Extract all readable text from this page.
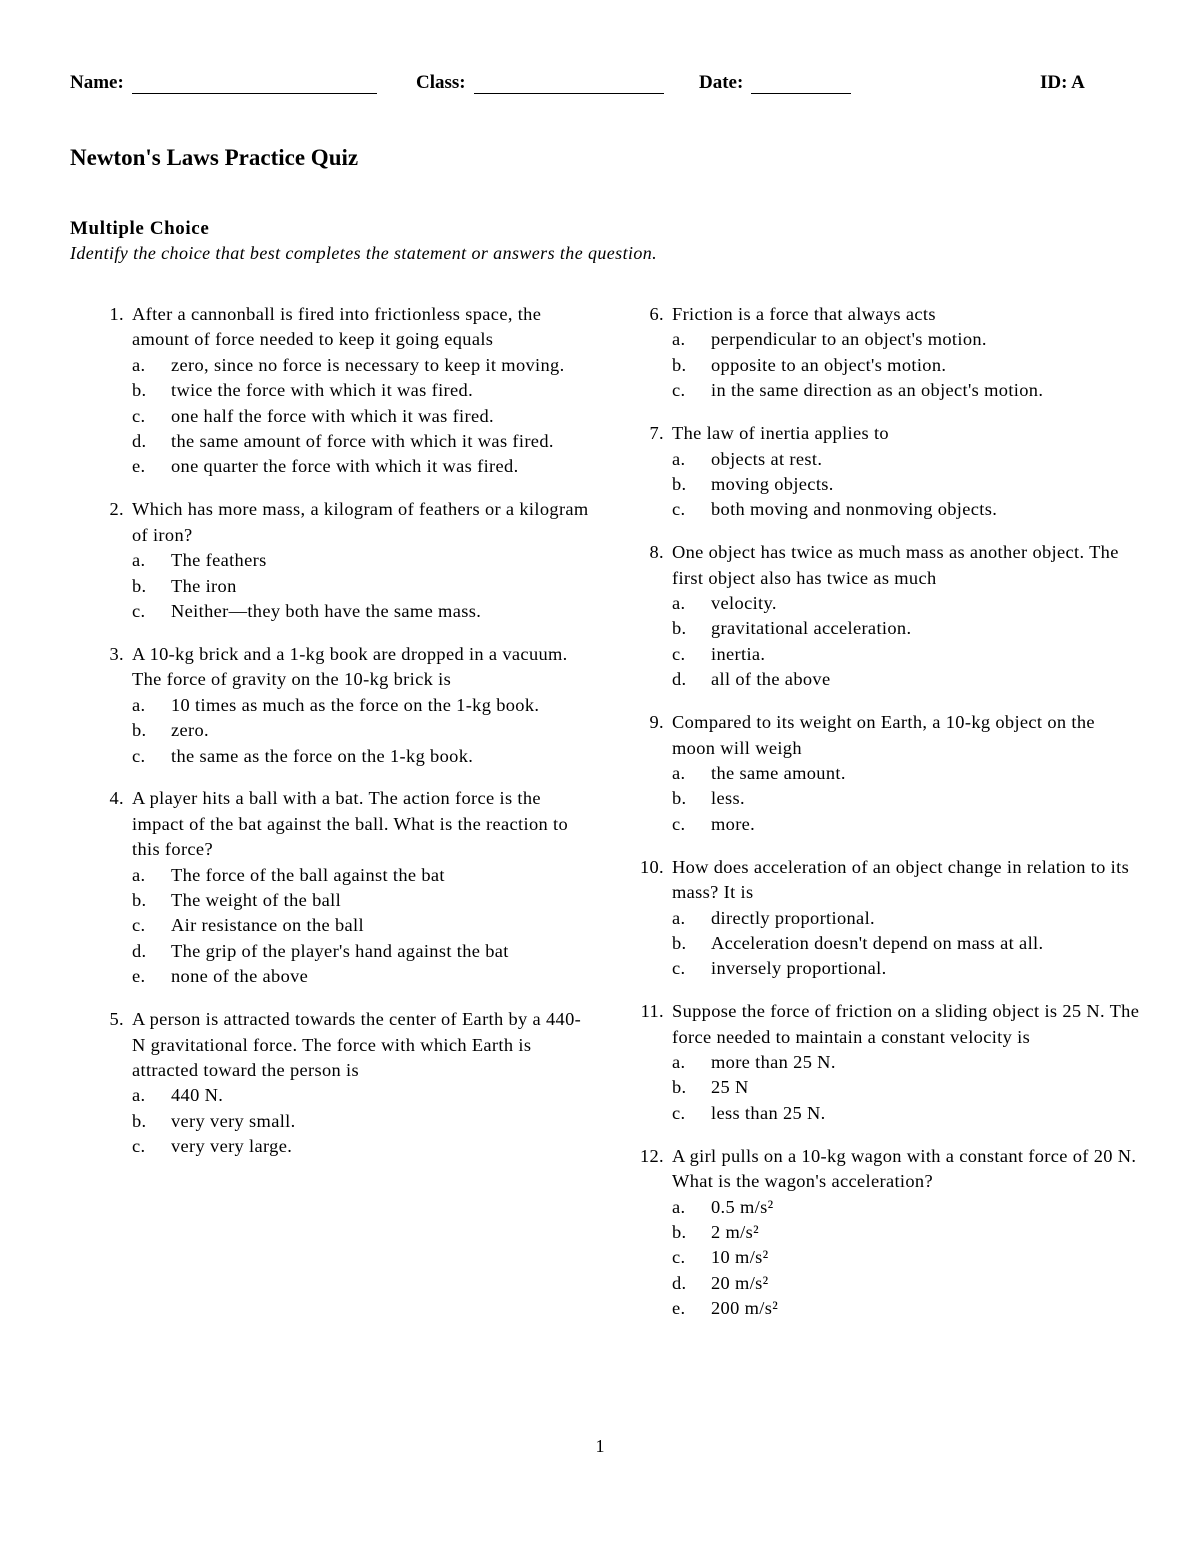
Name:	Class:	Date:	ID: A
Newton's Laws Practice Quiz
Multiple Choice

Identify the choice that best completes the statement or answers the question.

1. After a cannonball is fired into frictionless space, the amount of force needed to keep it going equals
a. zero, since no force is necessary to keep it moving.
b. twice the force with which it was fired.
c. one half the force with which it was fired.
d. the same amount of force with which it was fired.
e. one quarter the force with which it was fired.
2. Which has more mass, a kilogram of feathers or a kilogram of iron?
a. The feathers
b. The iron
c. Neither—they both have the same mass.
3. A 10-kg brick and a 1-kg book are dropped in a vacuum. The force of gravity on the 10-kg brick is
a. 10 times as much as the force on the 1-kg book.
b. zero.
c. the same as the force on the 1-kg book.
4. A player hits a ball with a bat. The action force is the impact of the bat against the ball. What is the reaction to this force?
a. The force of the ball against the bat
b. The weight of the ball
c. Air resistance on the ball
d. The grip of the player's hand against the bat
e. none of the above
5. A person is attracted towards the center of Earth by a 440-N gravitational force. The force with which Earth is attracted toward the person is
a. 440 N.
b. very very small.
c. very very large.
6. Friction is a force that always acts
a. perpendicular to an object's motion.
b. opposite to an object's motion.
c. in the same direction as an object's motion.
7. The law of inertia applies to
a. objects at rest.
b. moving objects.
c. both moving and nonmoving objects.
8. One object has twice as much mass as another object. The first object also has twice as much
a. velocity.
b. gravitational acceleration.
c. inertia.
d. all of the above
9. Compared to its weight on Earth, a 10-kg object on the moon will weigh
a. the same amount.
b. less.
c. more.
10. How does acceleration of an object change in relation to its mass? It is
a. directly proportional.
b. Acceleration doesn't depend on mass at all.
c. inversely proportional.
11. Suppose the force of friction on a sliding object is 25 N. The force needed to maintain a constant velocity is
a. more than 25 N.
b. 25 N
c. less than 25 N.
12. A girl pulls on a 10-kg wagon with a constant force of 20 N. What is the wagon's acceleration?
a. 0.5 m/s²
b. 2 m/s²
c. 10 m/s²
d. 20 m/s²
e. 200 m/s²
1
